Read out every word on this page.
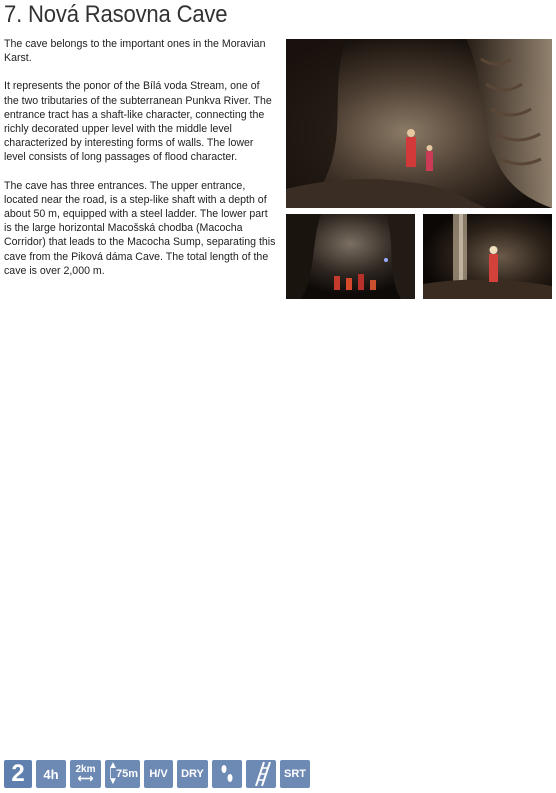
7. Nová Rasovna Cave

The cave belongs to the important ones in the Moravian Karst.

It represents the ponor of the Bílá voda Stream, one of the two tributaries of the subterranean Punkva River. The entrance tract has a shaft-like character, connecting the richly decorated upper level with the middle level characterized by interesting forms of walls. The lower level consists of long passages of flood character.

The cave has three entrances. The upper entrance, located near the road, is a step-like shaft with a depth of about 50 m, equipped with a steel ladder. The lower part is the large horizontal Macošská chodba (Macocha Corridor) that leads to the Macocha Sump, separating this cave from the Piková dáma Cave. The total length of the cave is over 2,000 m.

2	4h	2km
⟷
▲
│
▼
75m	H/V	DRY	SRT
